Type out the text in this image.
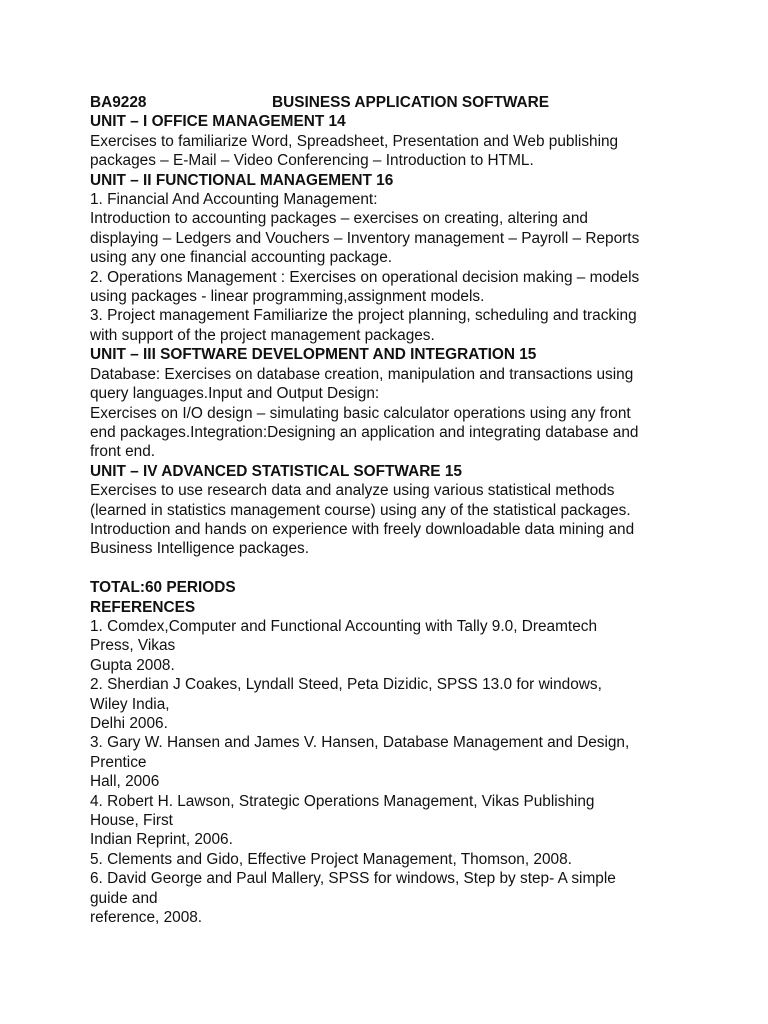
BA9228	BUSINESS APPLICATION SOFTWARE
UNIT – I OFFICE MANAGEMENT 14
Exercises to familiarize Word, Spreadsheet, Presentation and Web publishing
packages – E-Mail – Video Conferencing – Introduction to HTML.
UNIT – II FUNCTIONAL MANAGEMENT 16
1. Financial And Accounting Management:
Introduction to accounting packages – exercises on creating, altering and
displaying – Ledgers and Vouchers – Inventory management – Payroll – Reports
using any one financial accounting package.
2. Operations Management : Exercises on operational decision making – models
using packages - linear programming,assignment models.
3. Project management Familiarize the project planning, scheduling and tracking
with support of the project management packages.
UNIT – III SOFTWARE DEVELOPMENT AND INTEGRATION 15
Database: Exercises on database creation, manipulation and transactions using
query languages.Input and Output Design:
Exercises on I/O design – simulating basic calculator operations using any front
end packages.Integration:Designing an application and integrating database and
front end.
UNIT – IV ADVANCED STATISTICAL SOFTWARE 15
Exercises to use research data and analyze using various statistical methods
(learned in statistics management course) using any of the statistical packages.
Introduction and hands on experience with freely downloadable data mining and
Business Intelligence packages.
TOTAL:60 PERIODS
REFERENCES
1. Comdex,Computer and Functional Accounting with Tally 9.0, Dreamtech
Press, Vikas
Gupta 2008.
2. Sherdian J Coakes, Lyndall Steed, Peta Dizidic, SPSS 13.0 for windows,
Wiley India,
Delhi 2006.
3. Gary W. Hansen and James V. Hansen, Database Management and Design,
Prentice
Hall, 2006
4. Robert H. Lawson, Strategic Operations Management, Vikas Publishing
House, First
Indian Reprint, 2006.
5. Clements and Gido, Effective Project Management, Thomson, 2008.
6. David George and Paul Mallery, SPSS for windows, Step by step- A simple
guide and
reference, 2008.
